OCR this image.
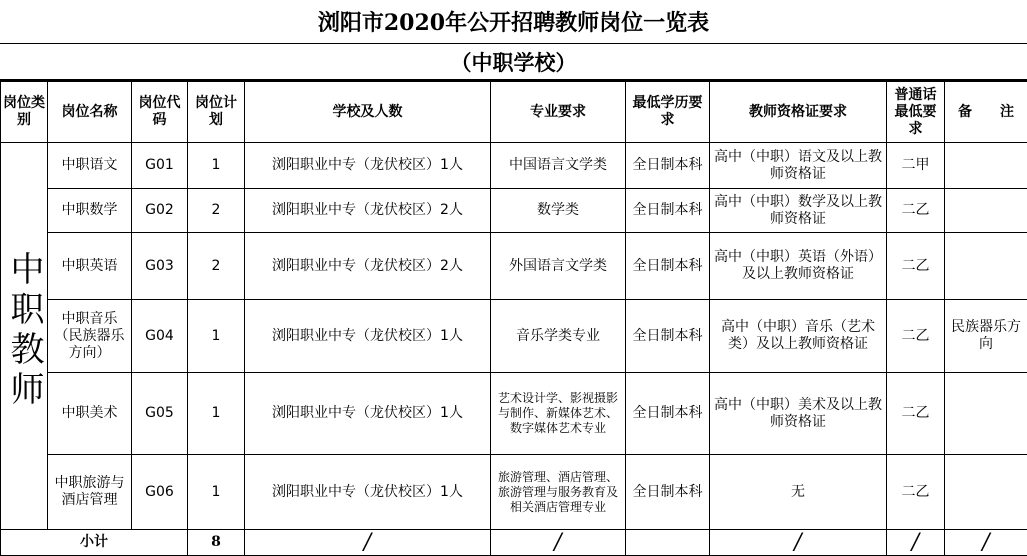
浏阳市2020年公开招聘教师岗位一览表
（中职学校）
岗位类别	岗位名称	岗位代码	岗位计划	学校及人数	专业要求	最低学历要求	教师资格证要求	普通话最低要求	备　　注
中职教师	中职语文	G01	1	浏阳职业中专（龙伏校区）1人	中国语言文学类	全日制本科	高中（中职）语文及以上教师资格证	二甲	
	中职数学	G02	2	浏阳职业中专（龙伏校区）2人	数学类	全日制本科	高中（中职）数学及以上教师资格证	二乙	
	中职英语	G03	2	浏阳职业中专（龙伏校区）2人	外国语言文学类	全日制本科	高中（中职）英语（外语）及以上教师资格证	二乙	
	中职音乐（民族器乐方向）	G04	1	浏阳职业中专（龙伏校区）1人	音乐学类专业	全日制本科	高中（中职）音乐（艺术类）及以上教师资格证	二乙	民族器乐方向
	中职美术	G05	1	浏阳职业中专（龙伏校区）1人	艺术设计学、影视摄影与制作、新媒体艺术、数字媒体艺术专业	全日制本科	高中（中职）美术及以上教师资格证	二乙	
	中职旅游与酒店管理	G06	1	浏阳职业中专（龙伏校区）1人	旅游管理、酒店管理、旅游管理与服务教育及相关酒店管理专业	全日制本科	无	二乙	
小计			8	/	/		/	/	/
